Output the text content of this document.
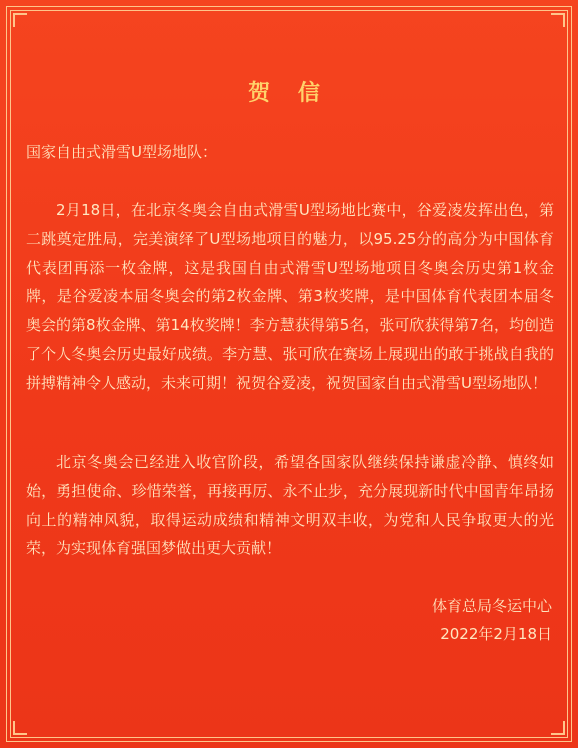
贺 信
国家自由式滑雪U型场地队：

2月18日，在北京冬奥会自由式滑雪U型场地比赛中，谷爱凌发挥出色，第二跳奠定胜局，完美演绎了U型场地项目的魅力，以95.25分的高分为中国体育代表团再添一枚金牌，这是我国自由式滑雪U型场地项目冬奥会历史第1枚金牌，是谷爱凌本届冬奥会的第2枚金牌、第3枚奖牌，是中国体育代表团本届冬奥会的第8枚金牌、第14枚奖牌！李方慧获得第5名，张可欣获得第7名，均创造了个人冬奥会历史最好成绩。李方慧、张可欣在赛场上展现出的敢于挑战自我的拼搏精神令人感动，未来可期！祝贺谷爱凌，祝贺国家自由式滑雪U型场地队！

北京冬奥会已经进入收官阶段，希望各国家队继续保持谦虚冷静、慎终如始，勇担使命、珍惜荣誉，再接再厉、永不止步，充分展现新时代中国青年昂扬向上的精神风貌，取得运动成绩和精神文明双丰收，为党和人民争取更大的光荣，为实现体育强国梦做出更大贡献！

体育总局冬运中心
2022年2月18日
